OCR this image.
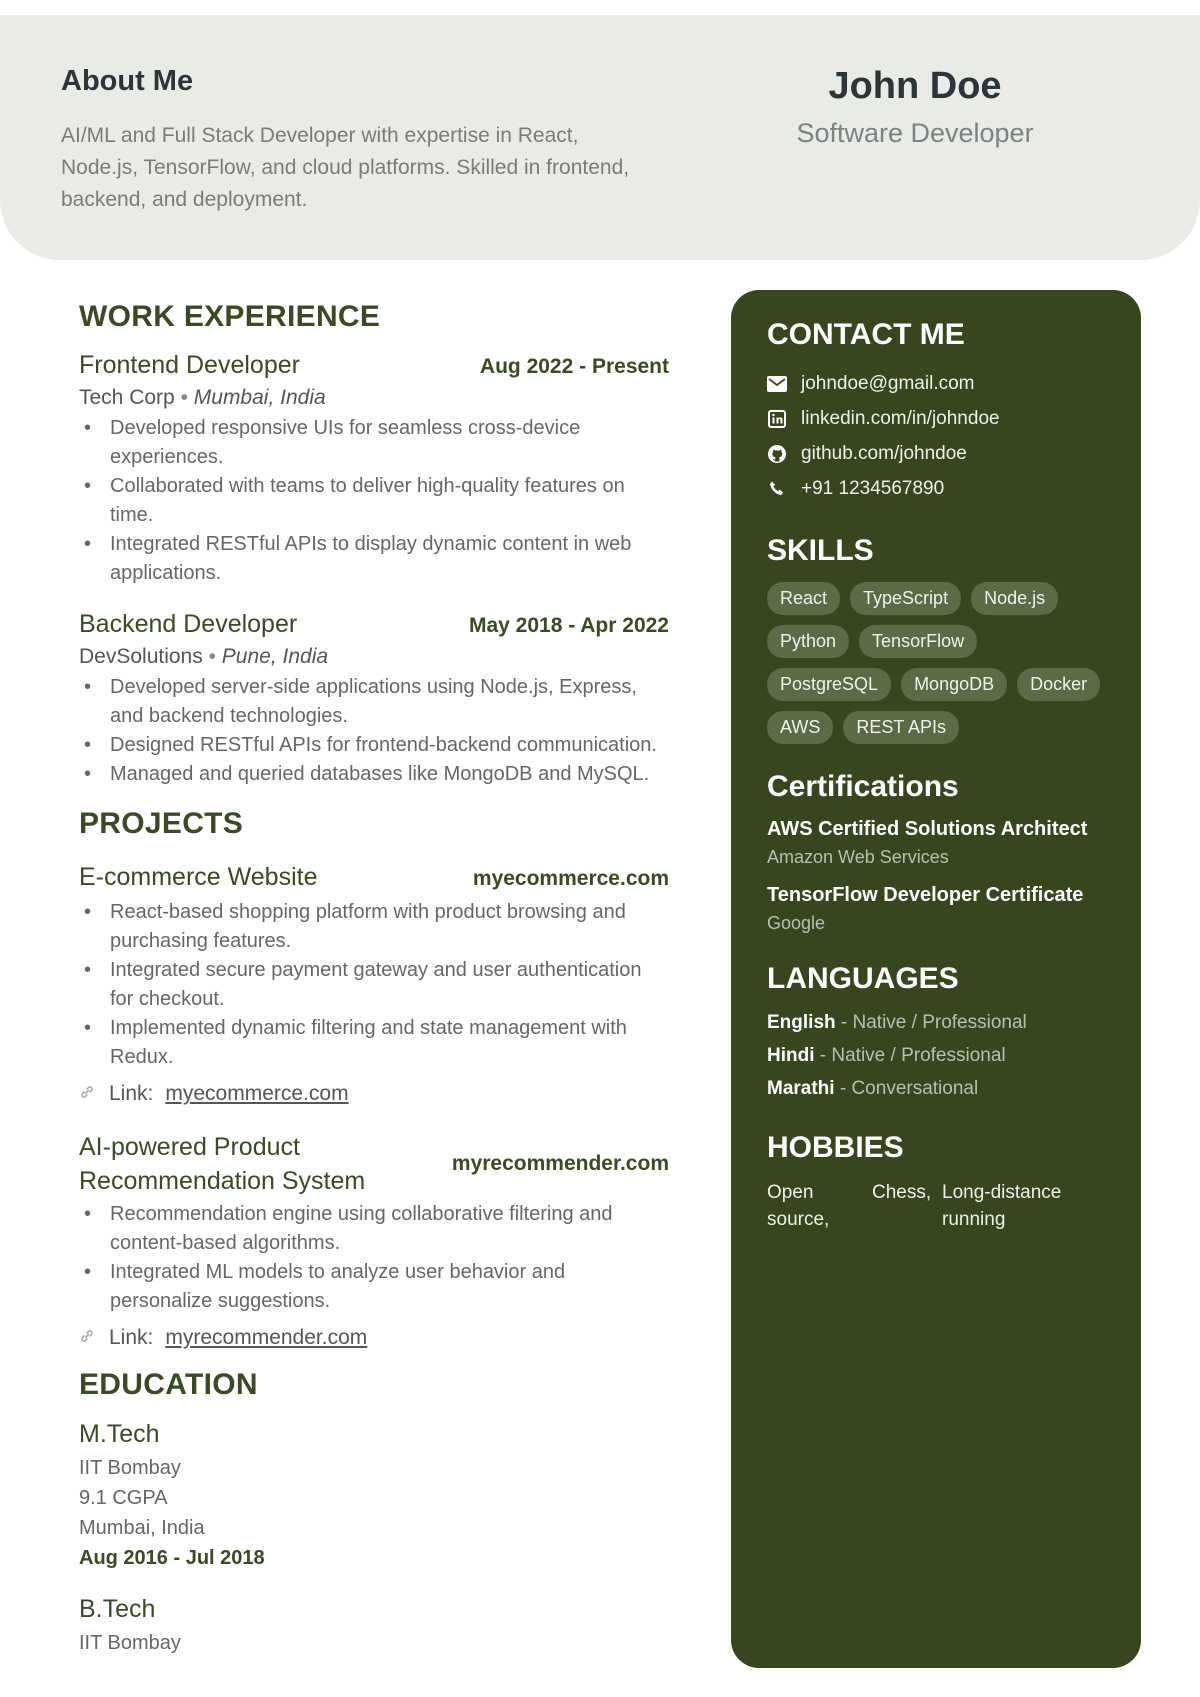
About Me
AI/ML and Full Stack Developer with expertise in React, Node.js, TensorFlow, and cloud platforms. Skilled in frontend, backend, and deployment.
John Doe
Software Developer
WORK EXPERIENCE
Frontend Developer	Aug 2022 - Present
Tech Corp • Mumbai, India
• Developed responsive UIs for seamless cross-device experiences.
• Collaborated with teams to deliver high-quality features on time.
• Integrated RESTful APIs to display dynamic content in web applications.
Backend Developer	May 2018 - Apr 2022
DevSolutions • Pune, India
• Developed server-side applications using Node.js, Express, and backend technologies.
• Designed RESTful APIs for frontend-backend communication.
• Managed and queried databases like MongoDB and MySQL.
PROJECTS
E-commerce Website	myecommerce.com
• React-based shopping platform with product browsing and purchasing features.
• Integrated secure payment gateway and user authentication for checkout.
• Implemented dynamic filtering and state management with Redux.
Link: myecommerce.com
AI-powered Product
Recommendation System
myrecommender.com
• Recommendation engine using collaborative filtering and content-based algorithms.
• Integrated ML models to analyze user behavior and personalize suggestions.
Link: myrecommender.com
EDUCATION
M.Tech
IIT Bombay
9.1 CGPA
Mumbai, India
Aug 2016 - Jul 2018
B.Tech
IIT Bombay
CONTACT ME
johndoe@gmail.com
linkedin.com/in/johndoe
github.com/johndoe
+91 1234567890
SKILLS
React	TypeScript	Node.js
Python	TensorFlow
PostgreSQL	MongoDB	Docker
AWS	REST APIs
Certifications
AWS Certified Solutions Architect
Amazon Web Services
TensorFlow Developer Certificate
Google
LANGUAGES
English - Native / Professional
Hindi - Native / Professional
Marathi - Conversational
HOBBIES
Open source,
Chess, Long-distance running
